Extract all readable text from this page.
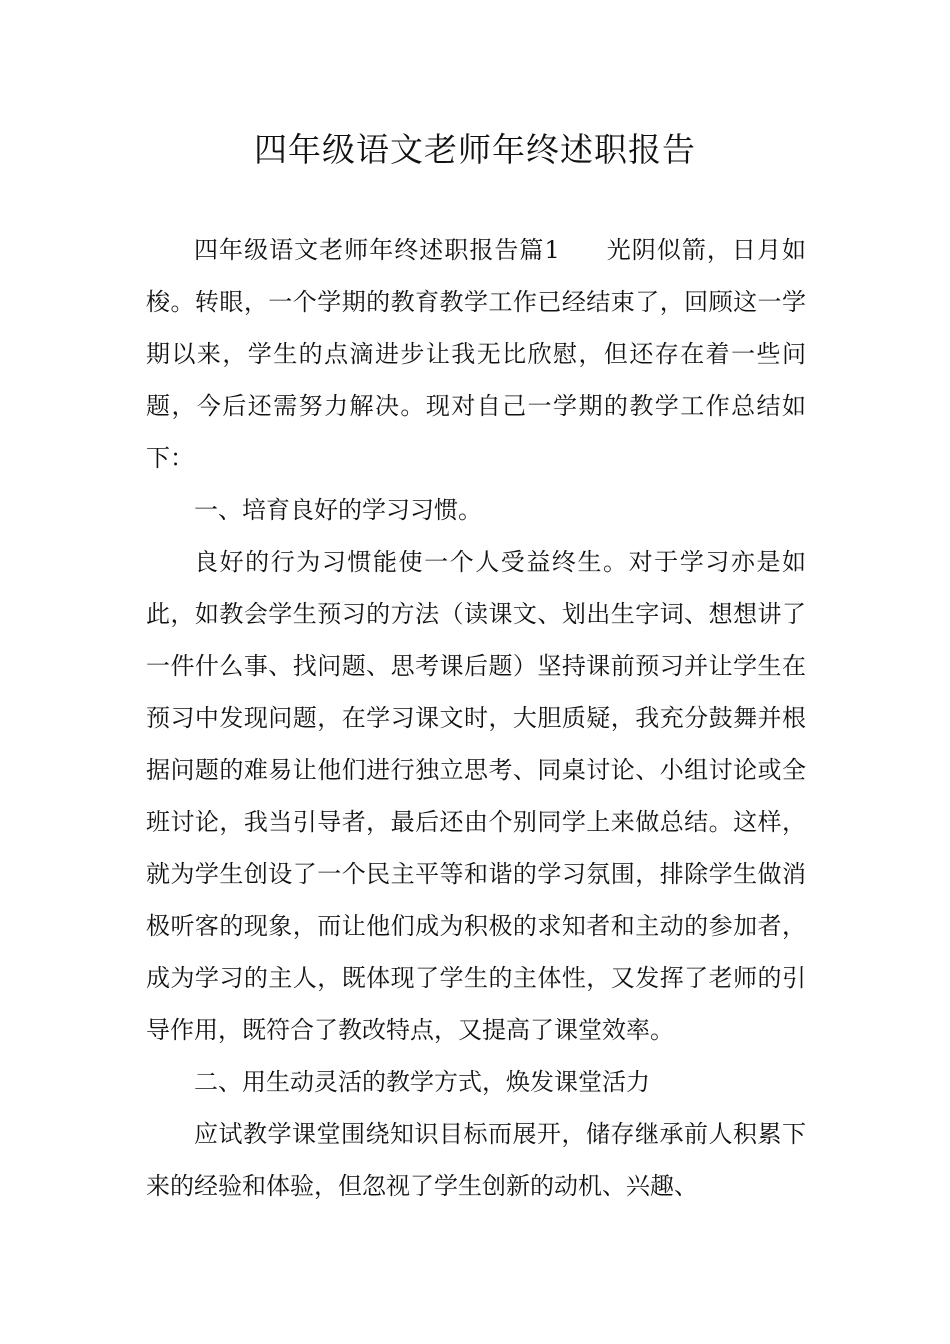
四年级语文老师年终述职报告

四年级语文老师年终述职报告篇1 光阴似箭，日月如梭。转眼，一个学期的教育教学工作已经结束了，回顾这一学期以来，学生的点滴进步让我无比欣慰，但还存在着一些问题，今后还需努力解决。现对自己一学期的教学工作总结如下：

一、培育良好的学习习惯。

良好的行为习惯能使一个人受益终生。对于学习亦是如此，如教会学生预习的方法（读课文、划出生字词、想想讲了一件什么事、找问题、思考课后题）坚持课前预习并让学生在预习中发现问题，在学习课文时，大胆质疑，我充分鼓舞并根据问题的难易让他们进行独立思考、同桌讨论、小组讨论或全班讨论，我当引导者，最后还由个别同学上来做总结。这样，就为学生创设了一个民主平等和谐的学习氛围，排除学生做消极听客的现象，而让他们成为积极的求知者和主动的参加者，成为学习的主人，既体现了学生的主体性，又发挥了老师的引导作用，既符合了教改特点，又提高了课堂效率。

二、用生动灵活的教学方式，焕发课堂活力

应试教学课堂围绕知识目标而展开，储存继承前人积累下来的经验和体验，但忽视了学生创新的动机、兴趣、
